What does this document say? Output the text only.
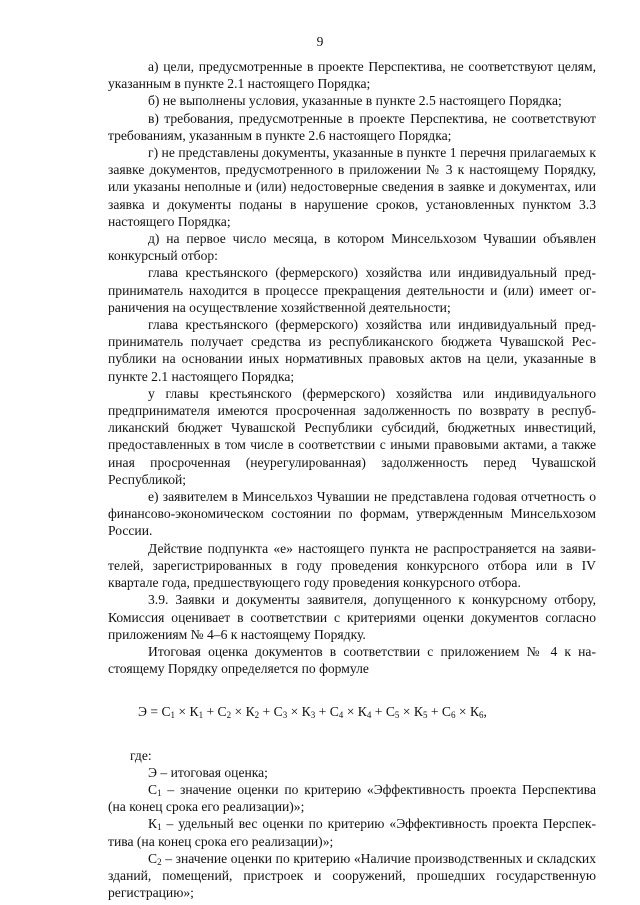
9

а) цели, предусмотренные в проекте Перспектива, не соответствуют целям, указанным в пункте 2.1 настоящего Порядка;

б) не выполнены условия, указанные в пункте 2.5 настоящего Порядка;

в) требования, предусмотренные в проекте Перспектива, не соответствуют требованиям, указанным в пункте 2.6 настоящего Порядка;

г) не представлены документы, указанные в пункте 1 перечня прилагаемых к заявке документов, предусмотренного в приложении № 3 к настоящему Порядку, или указаны неполные и (или) недостоверные сведения в заявке и документах, или заявка и документы поданы в нарушение сроков, установленных пунктом 3.3 настоящего Порядка;

д) на первое число месяца, в котором Минсельхозом Чувашии объявлен конкурсный отбор:

глава крестьянского (фермерского) хозяйства или индивидуальный предприниматель находится в процессе прекращения деятельности и (или) имеет ограничения на осуществление хозяйственной деятельности;

глава крестьянского (фермерского) хозяйства или индивидуальный предприниматель получает средства из республиканского бюджета Чувашской Республики на основании иных нормативных правовых актов на цели, указанные в пункте 2.1 настоящего Порядка;

у главы крестьянского (фермерского) хозяйства или индивидуального предпринимателя имеются просроченная задолженность по возврату в республиканский бюджет Чувашской Республики субсидий, бюджетных инвестиций, предоставленных в том числе в соответствии с иными правовыми актами, а также иная просроченная (неурегулированная) задолженность перед Чувашской Республикой;

е) заявителем в Минсельхоз Чувашии не представлена годовая отчетность о финансово-экономическом состоянии по формам, утвержденным Минсельхозом России.

Действие подпункта «е» настоящего пункта не распространяется на заявителей, зарегистрированных в году проведения конкурсного отбора или в IV квартале года, предшествующего году проведения конкурсного отбора.

3.9. Заявки и документы заявителя, допущенного к конкурсному отбору, Комиссия оценивает в соответствии с критериями оценки документов согласно приложениям № 4–6 к настоящему Порядку.

Итоговая оценка документов в соответствии с приложением № 4 к настоящему Порядку определяется по формуле

$Э = С_1 \times К_1 + С_2 \times К_2 + С_3 \times К_3 + С_4 \times К_4 + С_5 \times К_5 + С_6 \times К_6$,

где:

Э – итоговая оценка;

$С_1$ – значение оценки по критерию «Эффективность проекта Перспектива (на конец срока его реализации)»;

$К_1$ – удельный вес оценки по критерию «Эффективность проекта Перспектива (на конец срока его реализации)»;

$С_2$ – значение оценки по критерию «Наличие производственных и складских зданий, помещений, пристроек и сооружений, прошедших государственную регистрацию»;
